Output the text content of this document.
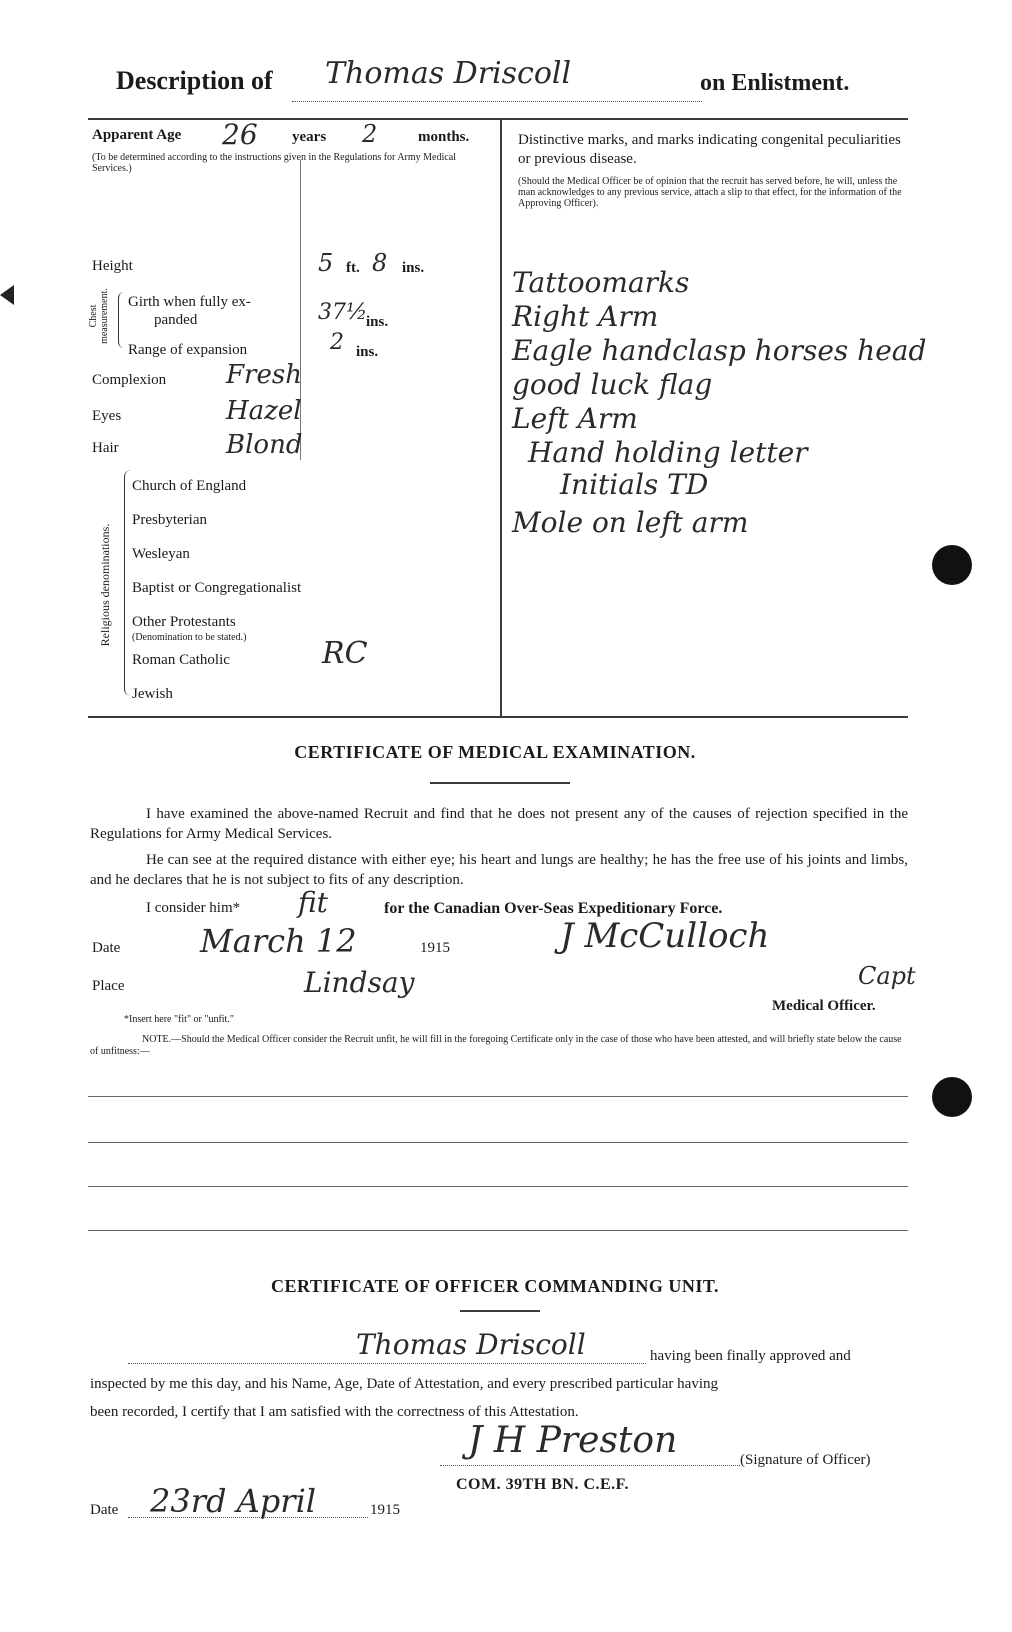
Description of Thomas Driscoll	on Enlistment.
Apparent Age 26 years 2	months.
(To be determined according to the instructions given in the Regulations for Army Medical Services.)
Height	5 ft. 8 ins.
Chest measurement. Girth when fully ex-
panded	37½
ins.
Range of expansion	2 ins.
Complexion Fresh
Eyes	Hazel
Hair	Blond
Religious denominations.
Church of England
Presbyterian
Wesleyan
Baptist or Congregationalist
Other Protestants
(Denomination to be stated.)
Roman Catholic	RC
Jewish
Distinctive marks, and marks indicating congenital peculiarities or previous disease.
(Should the Medical Officer be of opinion that the recruit has served before, he will, unless the man acknowledges to any previous service, attach a slip to that effect, for the information of the Approving Officer).
Tattoomarks
Right Arm
Eagle handclasp horses head
good luck flag
Left Arm
Hand holding letter
Initials TD
Mole on left arm
CERTIFICATE OF MEDICAL EXAMINATION.
I have examined the above-named Recruit and find that he does not present any of the causes of rejection specified in the Regulations for Army Medical Services.
He can see at the required distance with either eye; his heart and lungs are healthy; he has the free use of his joints and limbs, and he declares that he is not subject to fits of any description.
I consider him* fit	for the Canadian Over-Seas Expeditionary Force.
Date March 12	1915	J McCulloch
Capt
Place	Lindsay
Medical Officer.
*Insert here "fit" or "unfit."
NOTE.—Should the Medical Officer consider the Recruit unfit, he will fill in the foregoing Certificate only in the case of those who have been attested, and will briefly state below the cause of unfitness:—
CERTIFICATE OF OFFICER COMMANDING UNIT.
Thomas Driscoll	having been finally approved and
inspected by me this day, and his Name, Age, Date of Attestation, and every prescribed particular having
been recorded, I certify that I am satisfied with the correctness of this Attestation.
J H Preston	(Signature of Officer)
COM. 39TH BN. C.E.F.
Date 23rd April	1915
